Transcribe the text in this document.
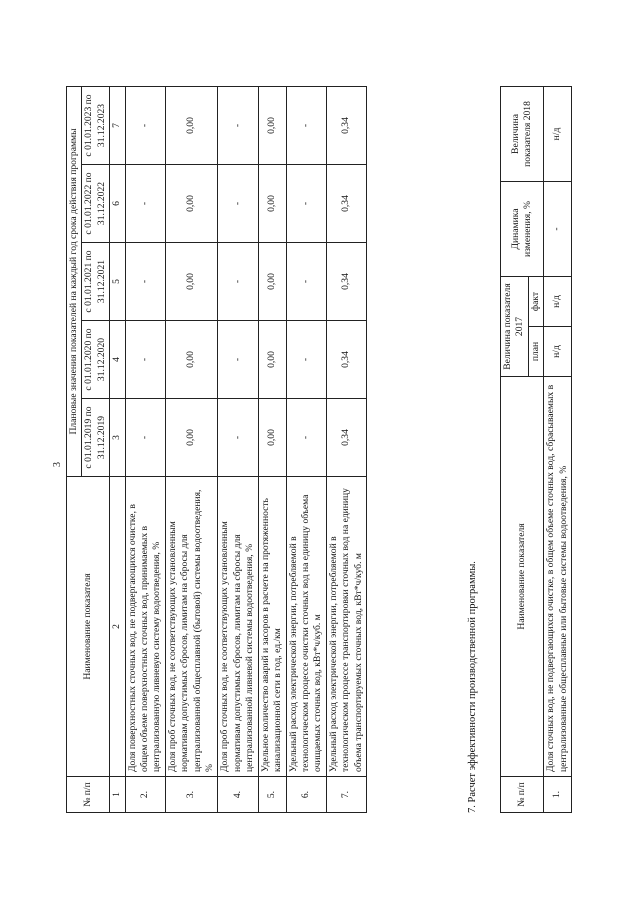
3
№ п/п	Наименование показателя	Плановые значения показателей на каждый год срока действия программы				
		с 01.01.2019 по 31.12.2019	с 01.01.2020 по 31.12.2020	с 01.01.2021 по 31.12.2021	с 01.01.2022 по 31.12.2022	с 01.01.2023 по 31.12.2023
1	2	3	4	5	6	7
2.	Доля поверхностных сточных вод, не подвергающихся очистке, в общем объеме поверхностных сточных вод, принимаемых в централизованную ливневую систему водоотведения, %	-	-	-	-	-
3.	Доля проб сточных вод, не соответствующих установленным нормативам допустимых сбросов, лимитам на сбросы для централизованной общесплавной (бытовой) системы водоотведения, %	0,00	0,00	0,00	0,00	0,00
4.	Доля проб сточных вод, не соответствующих установленным нормативам допустимых сбросов, лимитам на сбросы для централизованной ливневой системы водоотведения, %	-	-	-	-	-
5.	Удельное количество аварий и засоров в расчете на протяженность канализационной сети в год, ед./км	0,00	0,00	0,00	0,00	0,00
6.	Удельный расход электрической энергии, потребляемой в технологическом процессе очистки сточных вод на единицу объема очищаемых сточных вод, кВт*ч/куб. м	-	-	-	-	-
7.	Удельный расход электрической энергии, потребляемой в технологическом процессе транспортировки сточных вод на единицу объема транспортируемых сточных вод, кВт*ч/куб. м	0,34	0,34	0,34	0,34	0,34
7. Расчет эффективности производственной программы.	№ п/п	Наименование показателя	Величина показателя 2017		Динамика изменения, %	Величина показателя 2018
		план	факт		
1.	Доля сточных вод, не подвергающихся очистке, в общем объеме сточных вод, сбрасываемых в централизованные общесплавные или бытовые системы водоотведения, %	н/д	н/д	-	н/д
